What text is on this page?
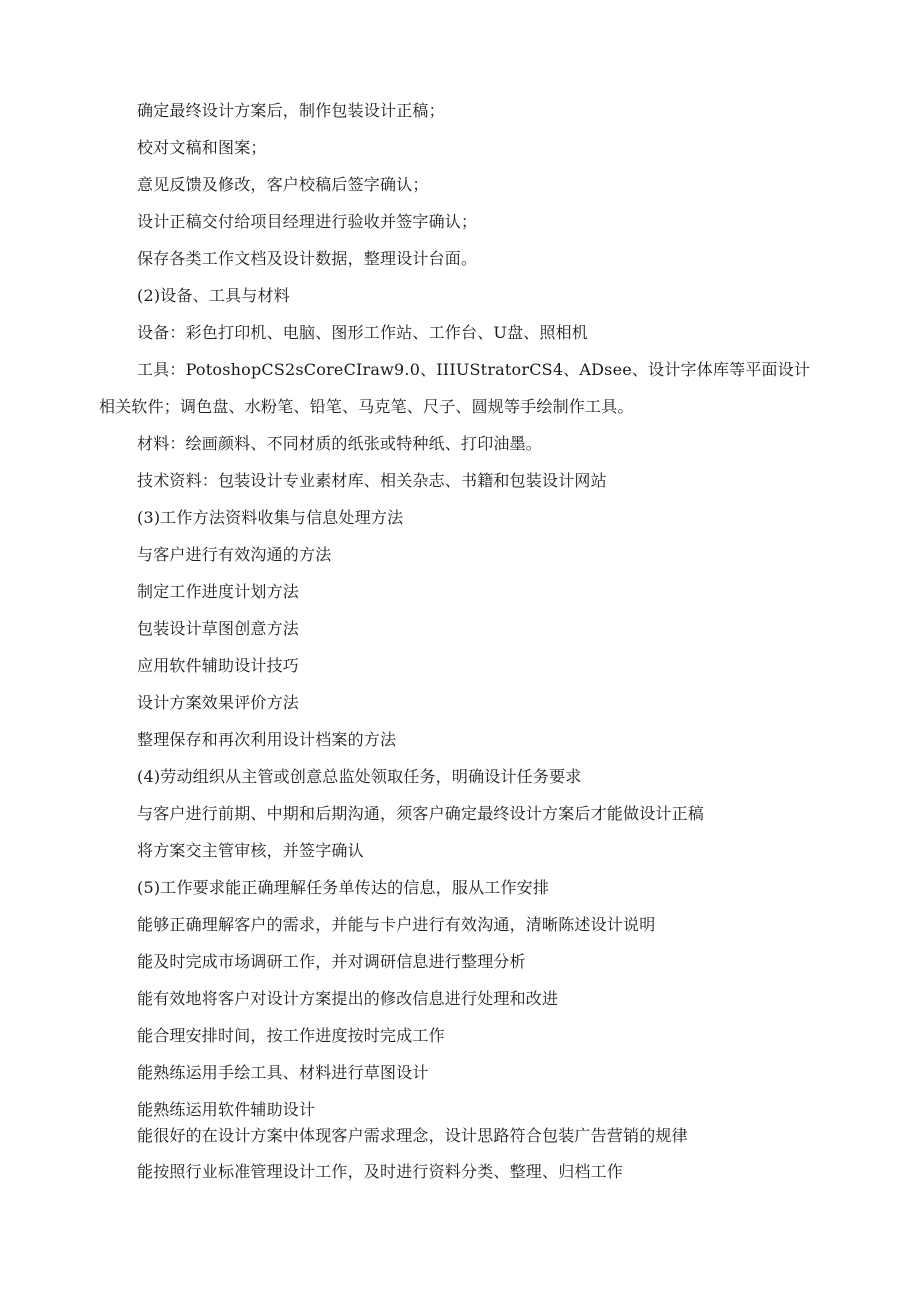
确定最终设计方案后，制作包装设计正稿；
校对文稿和图案；
意见反馈及修改，客户校稿后签字确认；
设计正稿交付给项目经理进行验收并签字确认；
保存各类工作文档及设计数据，整理设计台面。
(2)设备、工具与材料
设备：彩色打印机、电脑、图形工作站、工作台、U盘、照相机
工具：PotoshopCS2sCoreCIraw9.0、IIIUStratorCS4、ADsee、设计字体库等平面设计
相关软件；调色盘、水粉笔、铅笔、马克笔、尺子、圆规等手绘制作工具。
材料：绘画颜料、不同材质的纸张或特种纸、打印油墨。
技术资料：包装设计专业素材库、相关杂志、书籍和包装设计网站
(3)工作方法资料收集与信息处理方法
与客户进行有效沟通的方法
制定工作进度计划方法
包装设计草图创意方法
应用软件辅助设计技巧
设计方案效果评价方法
整理保存和再次利用设计档案的方法
(4)劳动组织从主管或创意总监处领取任务，明确设计任务要求
与客户进行前期、中期和后期沟通，须客户确定最终设计方案后才能做设计正稿
将方案交主管审核，并签字确认
(5)工作要求能正确理解任务单传达的信息，服从工作安排
能够正确理解客户的需求，并能与卡户进行有效沟通，清晰陈述设计说明
能及时完成市场调研工作，并对调研信息进行整理分析
能有效地将客户对设计方案提出的修改信息进行处理和改进
能合理安排时间，按工作进度按时完成工作
能熟练运用手绘工具、材料进行草图设计
能熟练运用软件辅助设计
能很好的在设计方案中体现客户需求理念，设计思路符合包装广告营销的规律
能按照行业标准管理设计工作，及时进行资料分类、整理、归档工作
